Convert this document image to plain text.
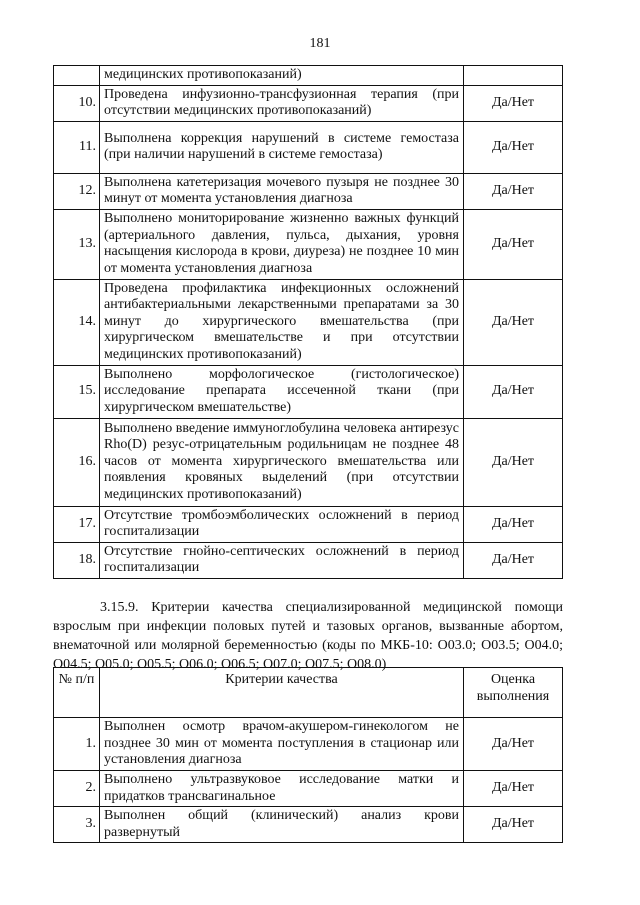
181
	медицинских противопоказаний)	
10.	Проведена инфузионно-трансфузионная терапия (при отсутствии медицинских противопоказаний)	Да/Нет
11.	Выполнена коррекция нарушений в системе гемостаза (при наличии нарушений в системе гемостаза)	Да/Нет
12.	Выполнена катетеризация мочевого пузыря не позднее 30 минут от момента установления диагноза	Да/Нет
13.	Выполнено мониторирование жизненно важных функций (артериального давления, пульса, дыхания, уровня насыщения кислорода в крови, диуреза) не позднее 10 мин от момента установления диагноза	Да/Нет
14.	Проведена профилактика инфекционных осложнений антибактериальными лекарственными препаратами за 30 минут до хирургического вмешательства (при хирургическом вмешательстве и при отсутствии медицинских противопоказаний)	Да/Нет
15.	Выполнено морфологическое (гистологическое) исследование препарата иссеченной ткани (при хирургическом вмешательстве)	Да/Нет
16.	Выполнено введение иммуноглобулина человека антирезус Rho(D) резус-отрицательным родильницам не позднее 48 часов от момента хирургического вмешательства или появления кровяных выделений (при отсутствии медицинских противопоказаний)	Да/Нет
17.	Отсутствие тромбоэмболических осложнений в период госпитализации	Да/Нет
18.	Отсутствие гнойно-септических осложнений в период госпитализации	Да/Нет

3.15.9. Критерии качества специализированной медицинской помощи взрослым при инфекции половых путей и тазовых органов, вызванные абортом, внематочной или молярной беременностью (коды по МКБ-10: O03.0; O03.5; O04.0; O04.5; O05.0; O05.5; O06.0; O06.5; O07.0; O07.5; O08.0)

№ п/п	Критерии качества	Оценка выполнения
1.	Выполнен осмотр врачом-акушером-гинекологом не позднее 30 мин от момента поступления в стационар или установления диагноза	Да/Нет
2.	Выполнено ультразвуковое исследование матки и придатков трансвагинальное	Да/Нет
3.	Выполнен общий (клинический) анализ крови развернутый	Да/Нет
